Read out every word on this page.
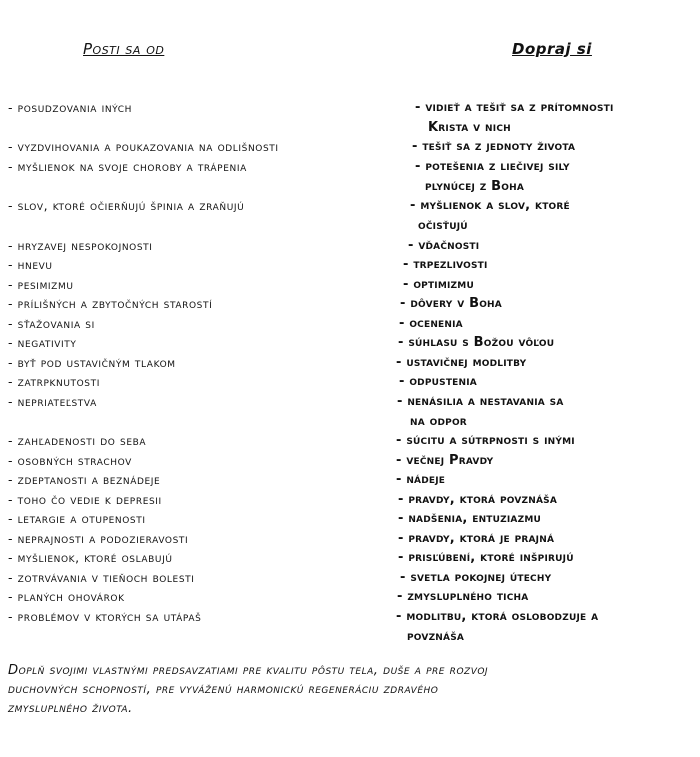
Posti sa od	Dopraj si
- posudzovania iných	- vidieť a tešiť sa z prítomnosti
Krista v nich
- vyzdvihovania a poukazovania na odlišnosti	- tešiť sa z jednoty života
- myšlienok na svoje choroby a trápenia	- potešenia z liečivej sily
plynúcej z Boha
- slov, ktoré očierňujú špinia a zraňujú	- myšlienok a slov, ktoré
očisťujú
- hryzavej nespokojnosti	- vďačnosti
- hnevu	- trpezlivosti
- pesimizmu	- optimizmu
- prílišných a zbytočných starostí	- dôvery v Boha
- sťažovania si	- ocenenia
- negativity	- súhlasu s Božou vôľou
- byť pod ustavičným tlakom	- ustavičnej modlitby
- zatrpknutosti	- odpustenia
- nepriateľstva	- nenásilia a nestavania sa
na odpor
- zahľadenosti do seba	- súcitu a sútrpnosti s inými
- osobných strachov	- večnej Pravdy
- zdeptanosti a beznádeje	- nádeje
- toho čo vedie k depresii	- pravdy, ktorá povznáša
- letargie a otupenosti	- nadšenia, entuziazmu
- neprajnosti a podozieravosti	- pravdy, ktorá je prajná
- myšlienok, ktoré oslabujú	- prisľúbení, ktoré inšpirujú
- zotrvávania v tieňoch bolesti	- svetla pokojnej útechy
- planých ohovárok	- zmysluplného ticha
- problémov v ktorých sa utápaš	- modlitbu, ktorá oslobodzuje a
povznáša
Doplň svojimi vlastnými predsavzatiami pre kvalitu pôstu tela, duše a pre rozvoj
duchovných schopností, pre vyváženú harmonickú regeneráciu zdravého
zmysluplného života.
